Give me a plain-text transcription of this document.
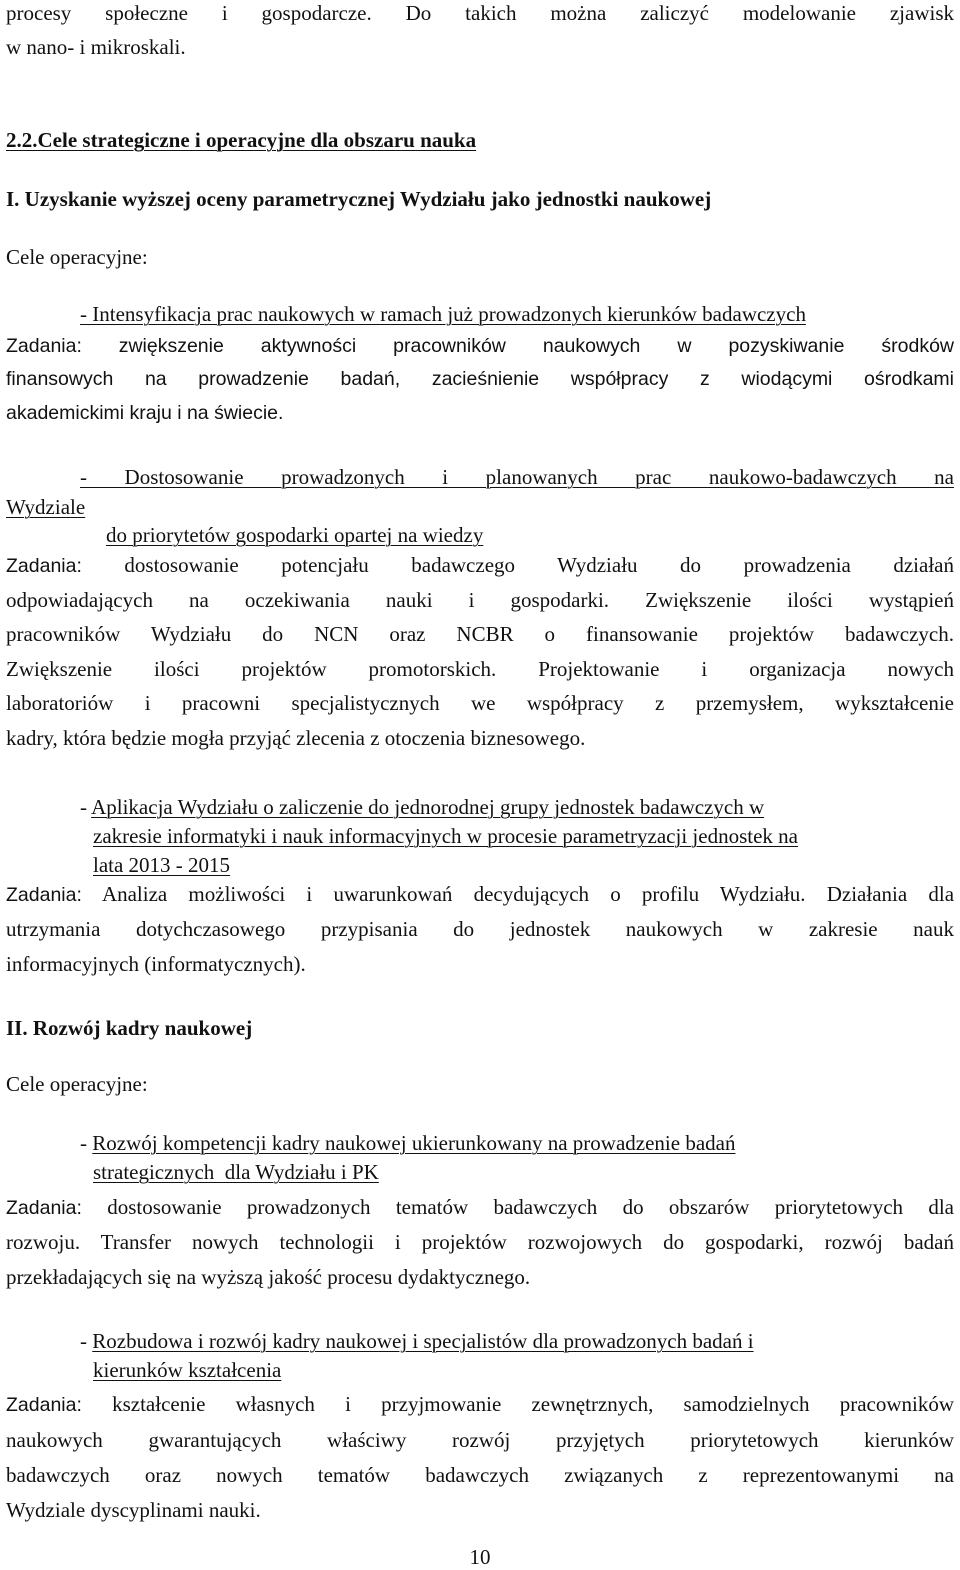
procesy społeczne i gospodarcze. Do takich można zaliczyć modelowanie zjawisk
w nano- i mikroskali.
2.2.Cele strategiczne i operacyjne dla obszaru nauka
I. Uzyskanie wyższej oceny parametrycznej Wydziału jako jednostki naukowej
Cele operacyjne:
- Intensyfikacja prac naukowych w ramach już prowadzonych kierunków badawczych
Zadania: zwiększenie aktywności pracowników naukowych w pozyskiwanie środków
finansowych na prowadzenie badań, zacieśnienie współpracy z wiodącymi ośrodkami
akademickimi kraju i na świecie.
- Dostosowanie prowadzonych i planowanych prac naukowo-badawczych na
Wydziale
do priorytetów gospodarki opartej na wiedzy
Zadania: dostosowanie potencjału badawczego Wydziału do prowadzenia działań
odpowiadających na oczekiwania nauki i gospodarki. Zwiększenie ilości wystąpień
pracowników Wydziału do NCN oraz NCBR o finansowanie projektów badawczych.
Zwiększenie ilości projektów promotorskich. Projektowanie i organizacja nowych
laboratoriów i pracowni specjalistycznych we współpracy z przemysłem, wykształcenie
kadry, która będzie mogła przyjąć zlecenia z otoczenia biznesowego.
- Aplikacja Wydziału o zaliczenie do jednorodnej grupy jednostek badawczych w
zakresie informatyki i nauk informacyjnych w procesie parametryzacji jednostek na
lata 2013 - 2015
Zadania: Analiza możliwości i uwarunkowań decydujących o profilu Wydziału. Działania dla
utrzymania dotychczasowego przypisania do jednostek naukowych w zakresie nauk
informacyjnych (informatycznych).
II. Rozwój kadry naukowej
Cele operacyjne:
- Rozwój kompetencji kadry naukowej ukierunkowany na prowadzenie badań
strategicznych  dla Wydziału i PK
Zadania: dostosowanie prowadzonych tematów badawczych do obszarów priorytetowych dla
rozwoju. Transfer nowych technologii i projektów rozwojowych do gospodarki, rozwój badań
przekładających się na wyższą jakość procesu dydaktycznego.
- Rozbudowa i rozwój kadry naukowej i specjalistów dla prowadzonych badań i
kierunków kształcenia
Zadania: kształcenie własnych i przyjmowanie zewnętrznych, samodzielnych pracowników
naukowych gwarantujących właściwy rozwój przyjętych priorytetowych kierunków
badawczych oraz nowych tematów badawczych związanych z reprezentowanymi na
Wydziale dyscyplinami nauki.
10
